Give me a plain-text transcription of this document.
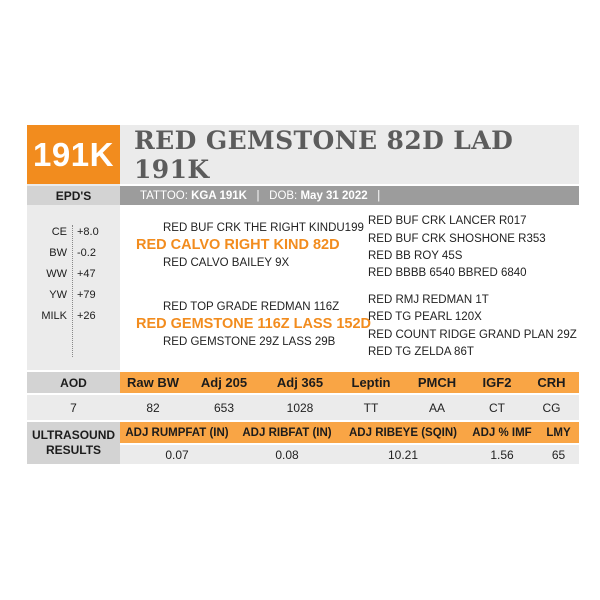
191K RED GEMSTONE 82D LAD 191K
EPD'S
CE +8.0
BW -0.2
WW +47
YW +79
MILK +26
TATTOO:
KGA 191K
|
DOB:
May 31 2022
|
RED BUF CRK THE RIGHT KINDU199
RED CALVO RIGHT KIND 82D
RED CALVO BAILEY 9X
RED BUF CRK LANCER R017
RED BUF CRK SHOSHONE R353
RED BB ROY 45S
RED BBBB 6540 BBRED 6840
RED TOP GRADE REDMAN 116Z
RED GEMSTONE 116Z LASS 152D
RED GEMSTONE 29Z LASS 29B
RED RMJ REDMAN 1T
RED TG PEARL 120X
RED COUNT RIDGE GRAND PLAN 29Z
RED TG ZELDA 86T
AOD	Raw BW	Adj 205	Adj 365	Leptin	PMCH	IGF2	CRH
7	82	653	1028	TT	AA	CT	CG
ULTRASOUND
RESULTS
ADJ RUMPFAT (IN)	ADJ RIBFAT (IN)	ADJ RIBEYE (SQIN)	ADJ % IMF	LMY
0.07	0.08	10.21	1.56	65
